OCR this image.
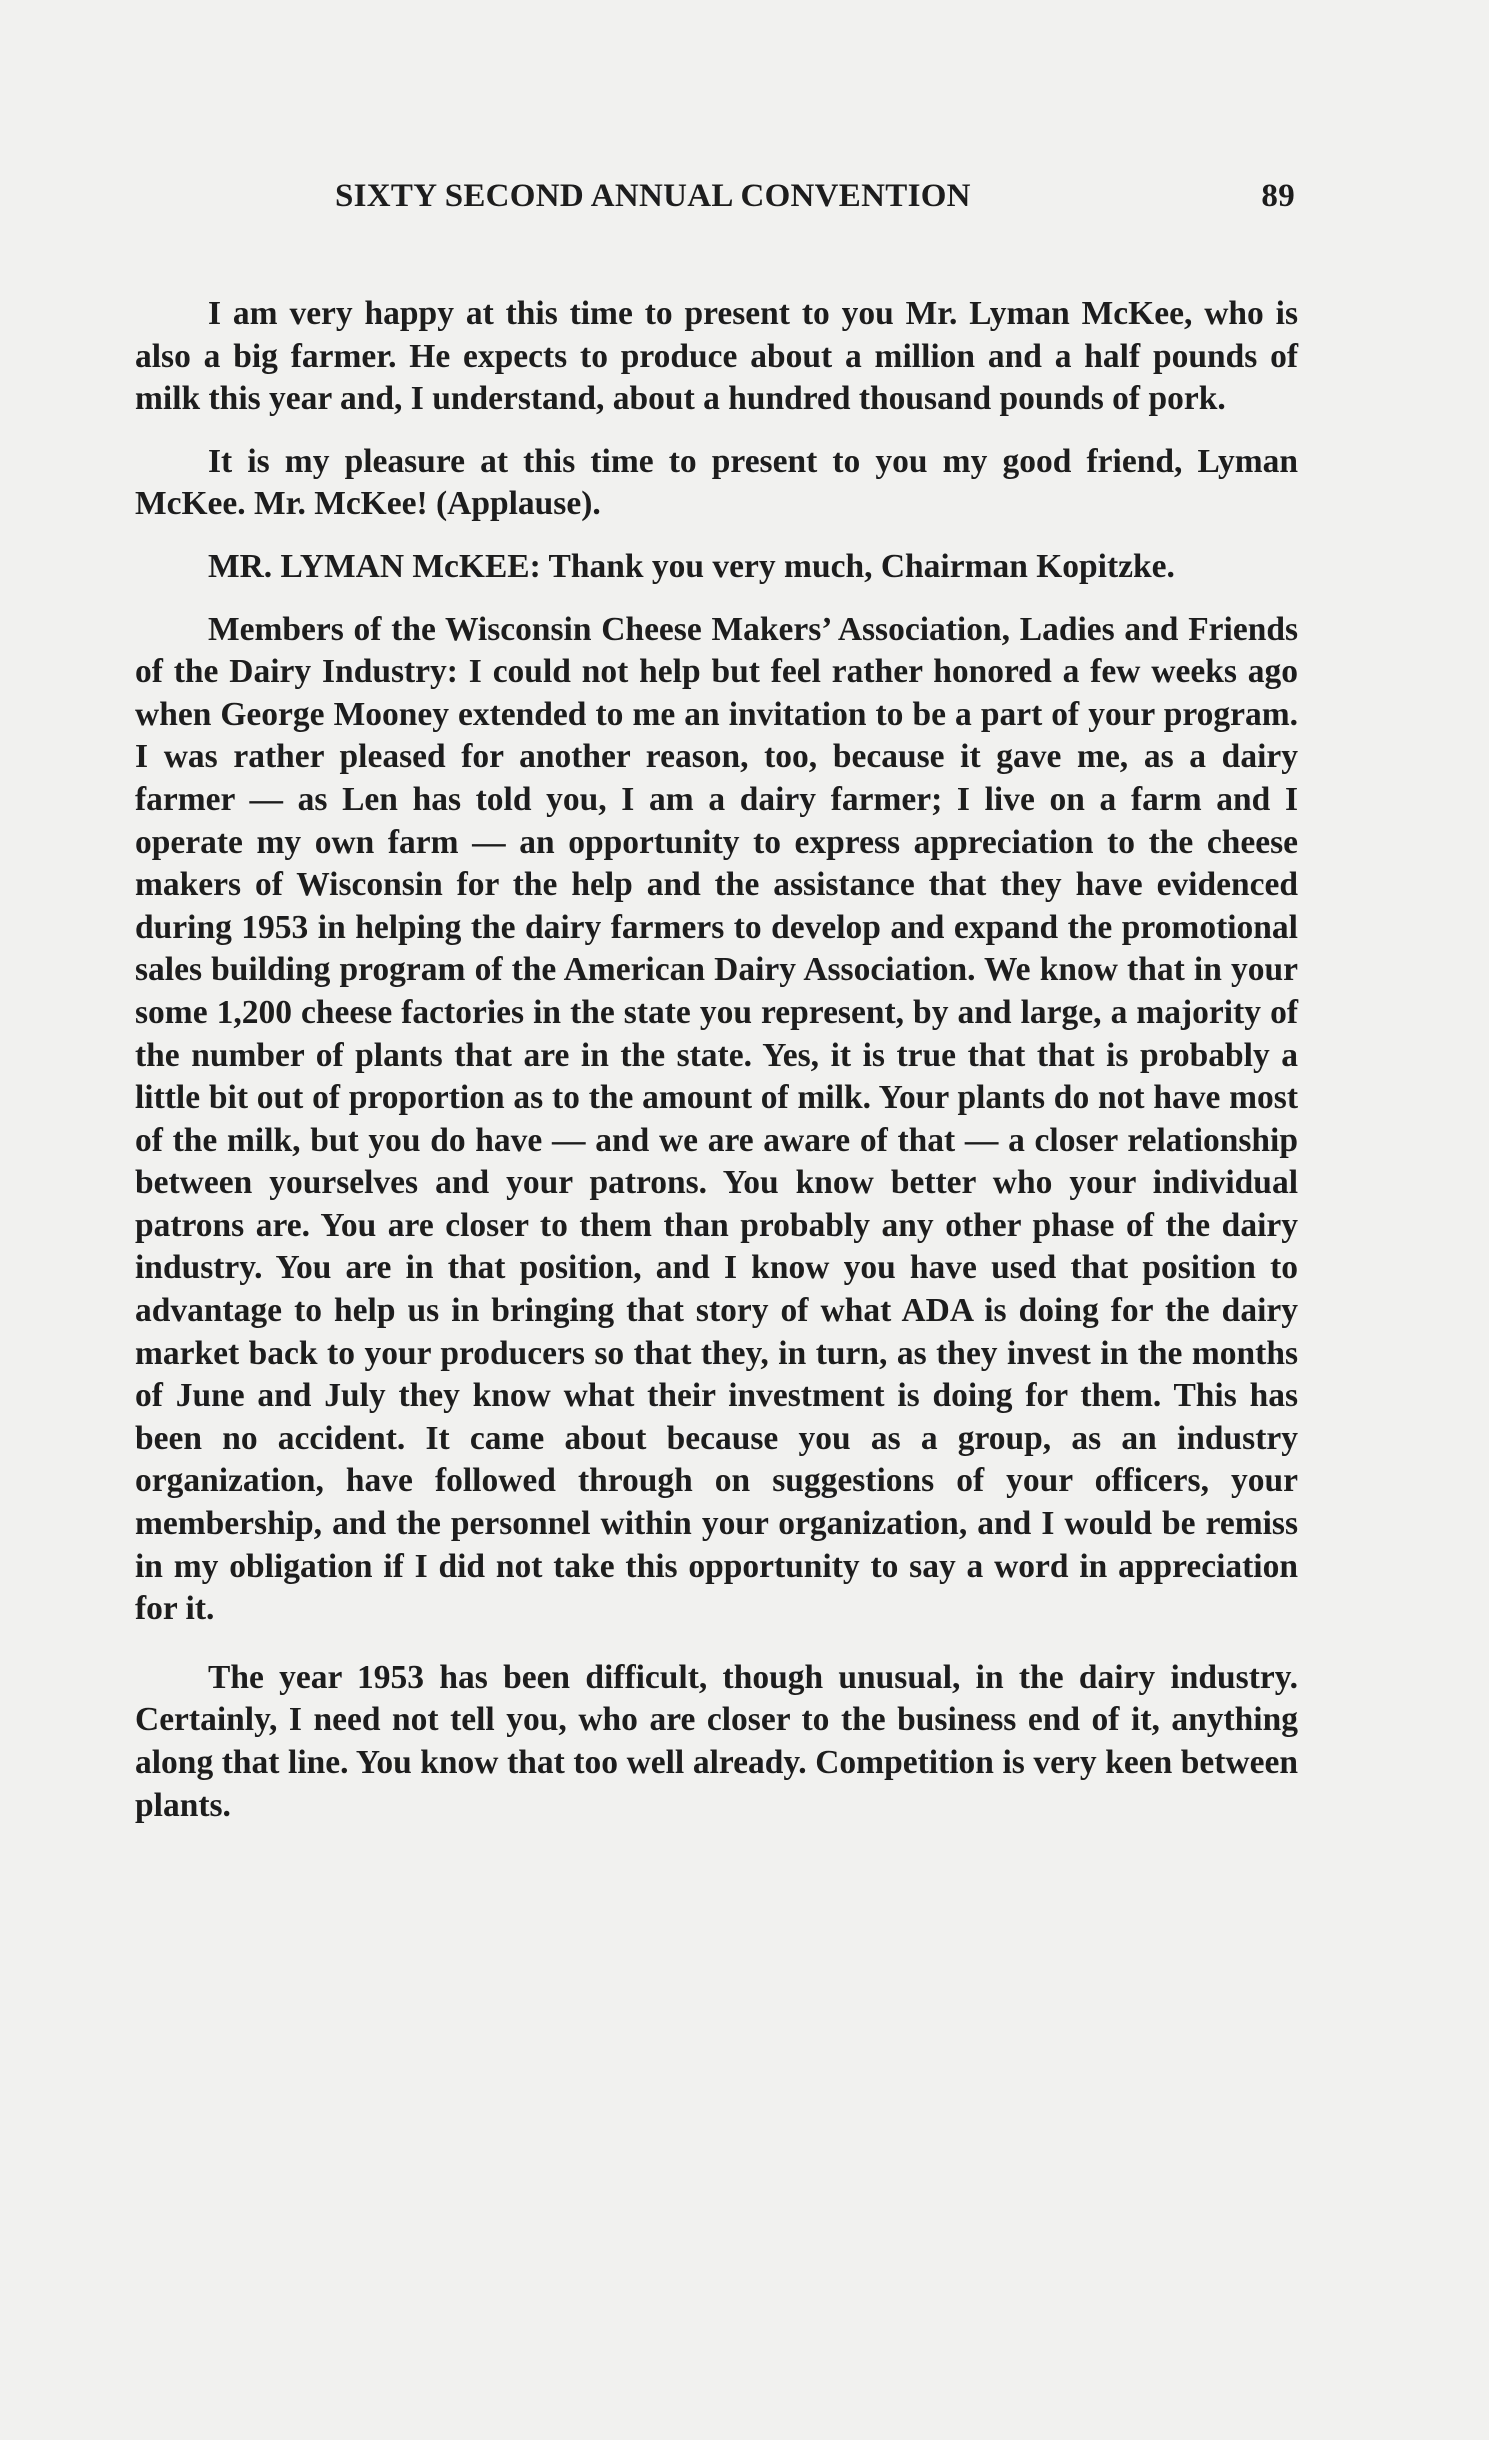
SIXTY SECOND ANNUAL CONVENTION	89

I am very happy at this time to present to you Mr. Lyman McKee, who is also a big farmer. He expects to produce about a million and a half pounds of milk this year and, I understand, about a hundred thousand pounds of pork.

It is my pleasure at this time to present to you my good friend, Lyman McKee. Mr. McKee! (Applause).

MR. LYMAN McKEE: Thank you very much, Chairman Kopitzke.

Members of the Wisconsin Cheese Makers’ Association, Ladies and Friends of the Dairy Industry: I could not help but feel rather honored a few weeks ago when George Mooney extended to me an invitation to be a part of your program. I was rather pleased for another reason, too, because it gave me, as a dairy farmer — as Len has told you, I am a dairy farmer; I live on a farm and I operate my own farm — an opportunity to express appreciation to the cheese makers of Wisconsin for the help and the assistance that they have evidenced during 1953 in helping the dairy farmers to develop and expand the promotional sales building program of the American Dairy Association. We know that in your some 1,200 cheese factories in the state you represent, by and large, a majority of the number of plants that are in the state. Yes, it is true that that is probably a little bit out of proportion as to the amount of milk. Your plants do not have most of the milk, but you do have — and we are aware of that — a closer relationship between yourselves and your patrons. You know better who your individual patrons are. You are closer to them than probably any other phase of the dairy industry. You are in that position, and I know you have used that position to advantage to help us in bringing that story of what ADA is doing for the dairy market back to your producers so that they, in turn, as they invest in the months of June and July they know what their investment is doing for them. This has been no accident. It came about because you as a group, as an industry organization, have followed through on suggestions of your officers, your membership, and the personnel within your organization, and I would be remiss in my obligation if I did not take this opportunity to say a word in appreciation for it.

The year 1953 has been difficult, though unusual, in the dairy industry. Certainly, I need not tell you, who are closer to the business end of it, anything along that line. You know that too well already. Competition is very keen between plants.
